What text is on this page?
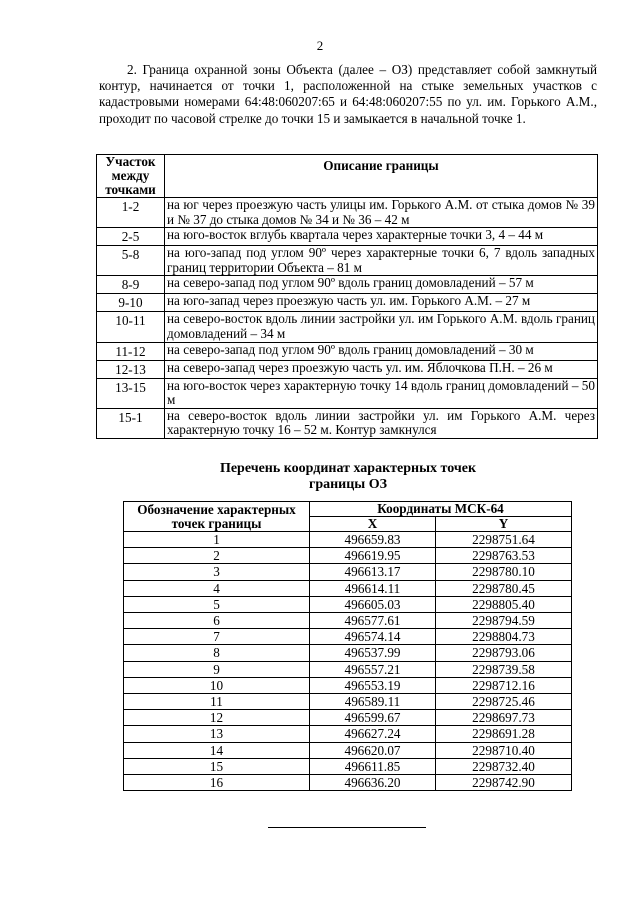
2

2. Граница охранной зоны Объекта (далее – ОЗ) представляет собой замкнутый контур, начинается от точки 1, расположенной на стыке земельных участков с кадастровыми номерами 64:48:060207:65 и 64:48:060207:55 по ул. им. Горького А.М., проходит по часовой стрелке до точки 15 и замыкается в начальной точке 1.

Участок между точками	Описание границы
1-2	на юг через проезжую часть улицы им. Горького А.М. от стыка домов № 39 и № 37 до стыка домов № 34 и № 36 – 42 м
2-5	на юго-восток вглубь квартала через характерные точки 3, 4 – 44 м
5-8	на юго-запад под углом 90º через характерные точки 6, 7 вдоль западных границ территории Объекта – 81 м
8-9	на северо-запад под углом 90º вдоль границ домовладений – 57 м
9-10	на юго-запад через проезжую часть ул. им. Горького А.М. – 27 м
10-11	на северо-восток вдоль линии застройки ул. им Горького А.М. вдоль границ домовладений – 34 м
11-12	на северо-запад под углом 90º вдоль границ домовладений – 30 м
12-13	на северо-запад через проезжую часть ул. им. Яблочкова П.Н. – 26 м
13-15	на юго-восток через характерную точку 14 вдоль границ домовладений – 50 м
15-1	на северо-восток вдоль линии застройки ул. им Горького А.М. через характерную точку 16 – 52 м. Контур замкнулся
Перечень координат характерных точек
границы ОЗ
Обозначение характерных точек границы	Координаты МСК-64	
	X	Y
1	496659.83	2298751.64
2	496619.95	2298763.53
3	496613.17	2298780.10
4	496614.11	2298780.45
5	496605.03	2298805.40
6	496577.61	2298794.59
7	496574.14	2298804.73
8	496537.99	2298793.06
9	496557.21	2298739.58
10	496553.19	2298712.16
11	496589.11	2298725.46
12	496599.67	2298697.73
13	496627.24	2298691.28
14	496620.07	2298710.40
15	496611.85	2298732.40
16	496636.20	2298742.90
